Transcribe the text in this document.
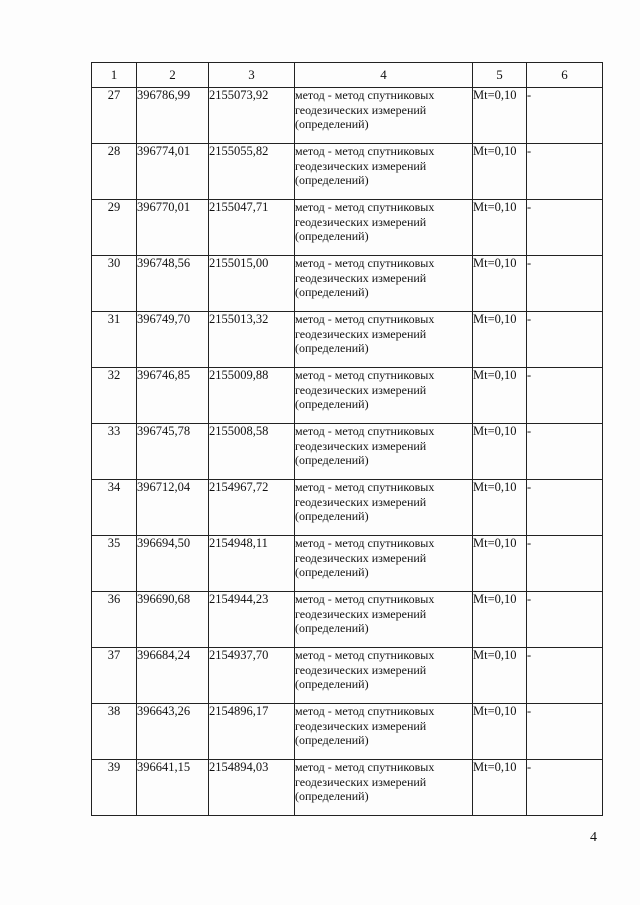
1	2	3	4	5	6
27	396786,99	2155073,92	метод - метод спутниковых геодезических измерений (определений)	Mt=0,10	-
28	396774,01	2155055,82	метод - метод спутниковых геодезических измерений (определений)	Mt=0,10	-
29	396770,01	2155047,71	метод - метод спутниковых геодезических измерений (определений)	Mt=0,10	-
30	396748,56	2155015,00	метод - метод спутниковых геодезических измерений (определений)	Mt=0,10	-
31	396749,70	2155013,32	метод - метод спутниковых геодезических измерений (определений)	Mt=0,10	-
32	396746,85	2155009,88	метод - метод спутниковых геодезических измерений (определений)	Mt=0,10	-
33	396745,78	2155008,58	метод - метод спутниковых геодезических измерений (определений)	Mt=0,10	-
34	396712,04	2154967,72	метод - метод спутниковых геодезических измерений (определений)	Mt=0,10	-
35	396694,50	2154948,11	метод - метод спутниковых геодезических измерений (определений)	Mt=0,10	-
36	396690,68	2154944,23	метод - метод спутниковых геодезических измерений (определений)	Mt=0,10	-
37	396684,24	2154937,70	метод - метод спутниковых геодезических измерений (определений)	Mt=0,10	-
38	396643,26	2154896,17	метод - метод спутниковых геодезических измерений (определений)	Mt=0,10	-
39	396641,15	2154894,03	метод - метод спутниковых геодезических измерений (определений)	Mt=0,10	-
4
